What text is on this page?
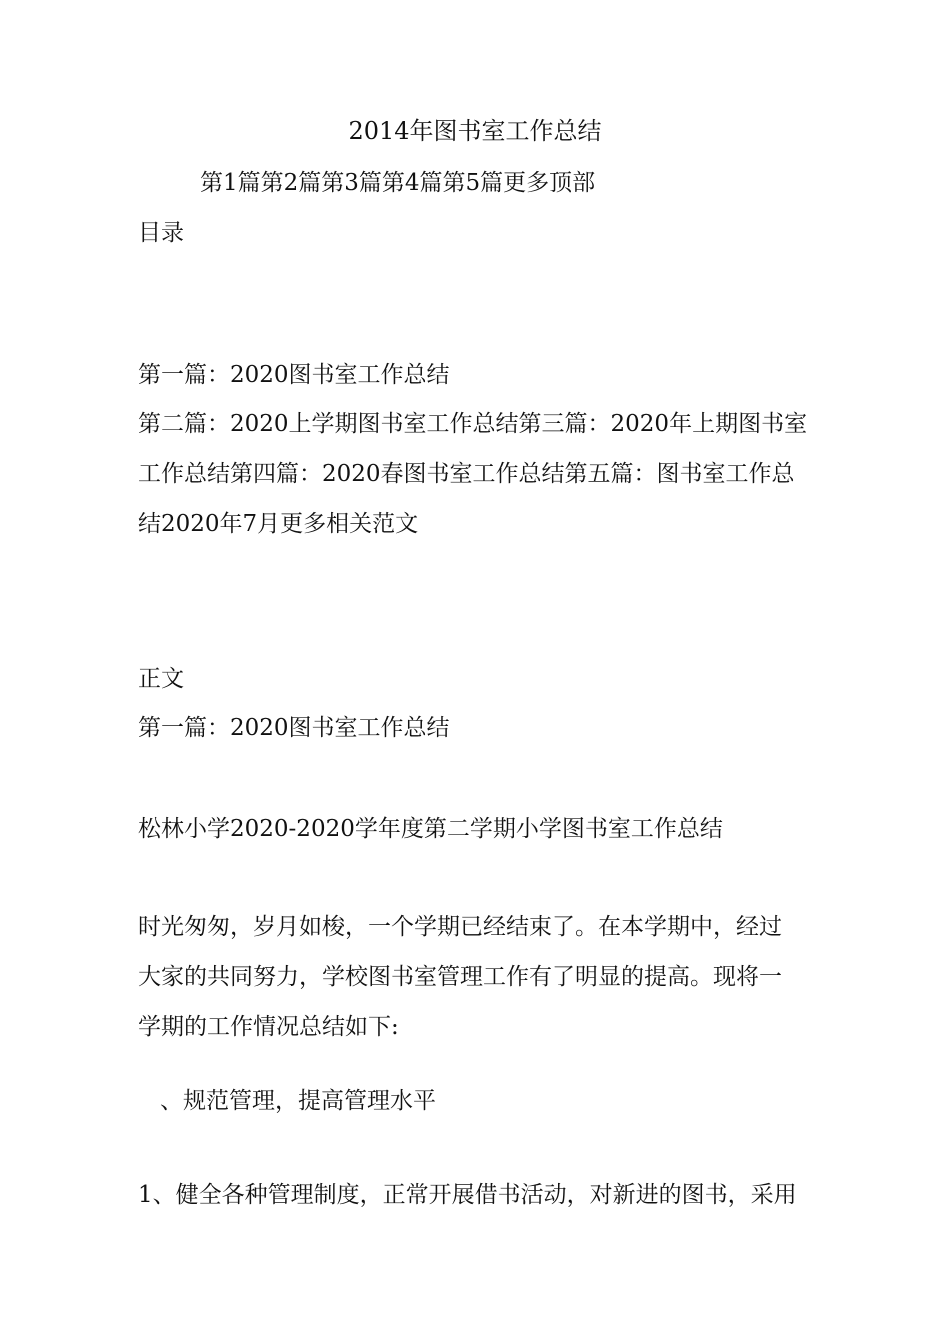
2014年图书室工作总结
第1篇第2篇第3篇第4篇第5篇更多顶部
目录
第一篇：2020图书室工作总结
第二篇：2020上学期图书室工作总结第三篇：2020年上期图书室
工作总结第四篇：2020春图书室工作总结第五篇：图书室工作总
结2020年7月更多相关范文
正文
第一篇：2020图书室工作总结
松林小学2020-2020学年度第二学期小学图书室工作总结
时光匆匆，岁月如梭，一个学期已经结束了。在本学期中，经过
大家的共同努力，学校图书室管理工作有了明显的提高。现将一
学期的工作情况总结如下:
、规范管理，提高管理水平
1、健全各种管理制度，正常开展借书活动，对新进的图书，采用
